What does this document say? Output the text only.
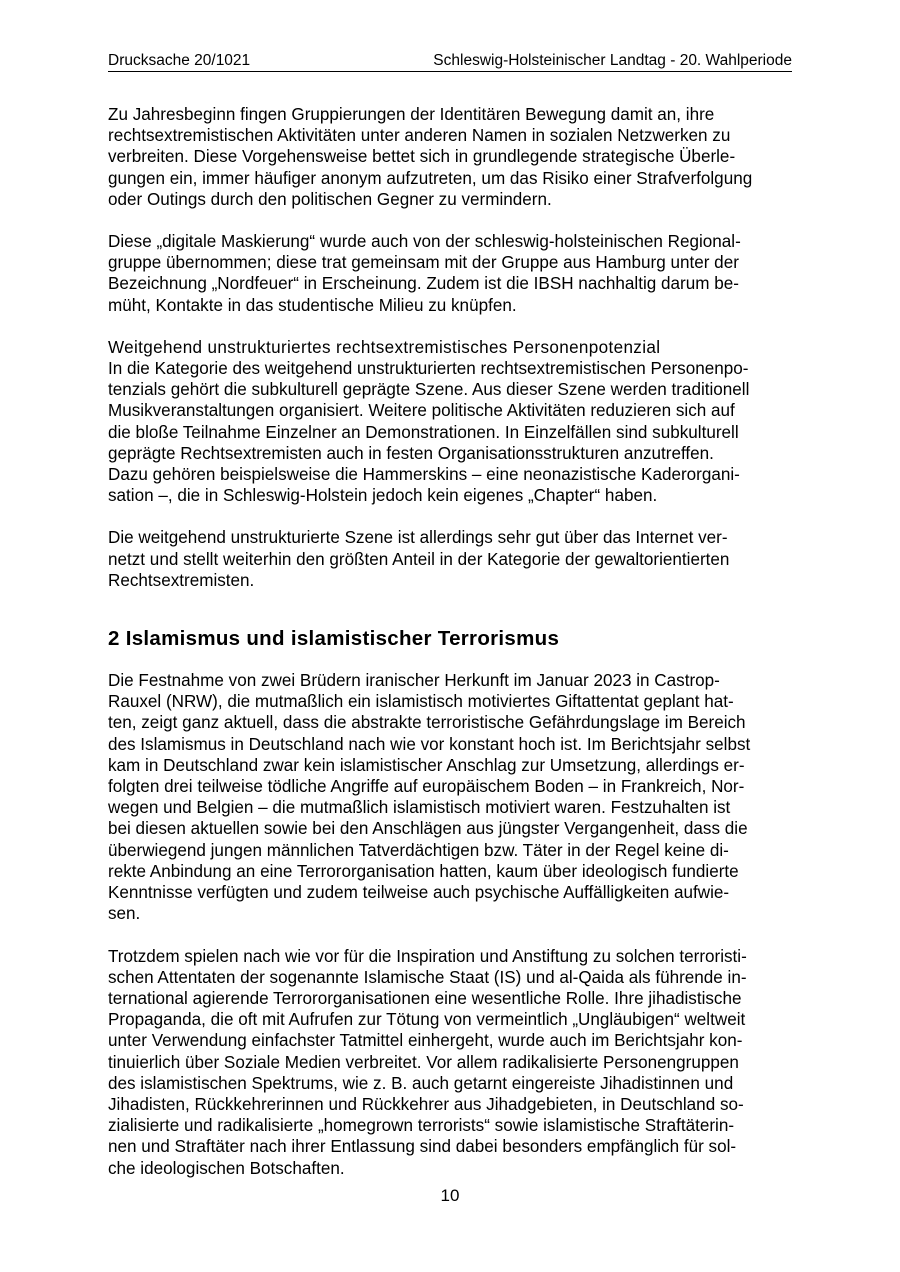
Drucksache 20/1021	Schleswig-Holsteinischer Landtag - 20. Wahlperiode

Zu Jahresbeginn fingen Gruppierungen der Identitären Bewegung damit an, ihre
rechtsextremistischen Aktivitäten unter anderen Namen in sozialen Netzwerken zu
verbreiten. Diese Vorgehensweise bettet sich in grundlegende strategische Überle-
gungen ein, immer häufiger anonym aufzutreten, um das Risiko einer Strafverfolgung
oder Outings durch den politischen Gegner zu vermindern.

Diese „digitale Maskierung“ wurde auch von der schleswig-holsteinischen Regional-
gruppe übernommen; diese trat gemeinsam mit der Gruppe aus Hamburg unter der
Bezeichnung „Nordfeuer“ in Erscheinung. Zudem ist die IBSH nachhaltig darum be-
müht, Kontakte in das studentische Milieu zu knüpfen.

Weitgehend unstrukturiertes rechtsextremistisches Personenpotenzial

In die Kategorie des weitgehend unstrukturierten rechtsextremistischen Personenpo-
tenzials gehört die subkulturell geprägte Szene. Aus dieser Szene werden traditionell
Musikveranstaltungen organisiert. Weitere politische Aktivitäten reduzieren sich auf
die bloße Teilnahme Einzelner an Demonstrationen. In Einzelfällen sind subkulturell
geprägte Rechtsextremisten auch in festen Organisationsstrukturen anzutreffen.
Dazu gehören beispielsweise die Hammerskins – eine neonazistische Kaderorgani-
sation –, die in Schleswig-Holstein jedoch kein eigenes „Chapter“ haben.

Die weitgehend unstrukturierte Szene ist allerdings sehr gut über das Internet ver-
netzt und stellt weiterhin den größten Anteil in der Kategorie der gewaltorientierten
Rechtsextremisten.

2 Islamismus und islamistischer Terrorismus

Die Festnahme von zwei Brüdern iranischer Herkunft im Januar 2023 in Castrop-
Rauxel (NRW), die mutmaßlich ein islamistisch motiviertes Giftattentat geplant hat-
ten, zeigt ganz aktuell, dass die abstrakte terroristische Gefährdungslage im Bereich
des Islamismus in Deutschland nach wie vor konstant hoch ist. Im Berichtsjahr selbst
kam in Deutschland zwar kein islamistischer Anschlag zur Umsetzung, allerdings er-
folgten drei teilweise tödliche Angriffe auf europäischem Boden – in Frankreich, Nor-
wegen und Belgien – die mutmaßlich islamistisch motiviert waren. Festzuhalten ist
bei diesen aktuellen sowie bei den Anschlägen aus jüngster Vergangenheit, dass die
überwiegend jungen männlichen Tatverdächtigen bzw. Täter in der Regel keine di-
rekte Anbindung an eine Terrororganisation hatten, kaum über ideologisch fundierte
Kenntnisse verfügten und zudem teilweise auch psychische Auffälligkeiten aufwie-
sen.

Trotzdem spielen nach wie vor für die Inspiration und Anstiftung zu solchen terroristi-
schen Attentaten der sogenannte Islamische Staat (IS) und al-Qaida als führende in-
ternational agierende Terrororganisationen eine wesentliche Rolle. Ihre jihadistische
Propaganda, die oft mit Aufrufen zur Tötung von vermeintlich „Ungläubigen“ weltweit
unter Verwendung einfachster Tatmittel einhergeht, wurde auch im Berichtsjahr kon-
tinuierlich über Soziale Medien verbreitet. Vor allem radikalisierte Personengruppen
des islamistischen Spektrums, wie z. B. auch getarnt eingereiste Jihadistinnen und
Jihadisten, Rückkehrerinnen und Rückkehrer aus Jihadgebieten, in Deutschland so-
zialisierte und radikalisierte „homegrown terrorists“ sowie islamistische Straftäterin-
nen und Straftäter nach ihrer Entlassung sind dabei besonders empfänglich für sol-
che ideologischen Botschaften.

10
